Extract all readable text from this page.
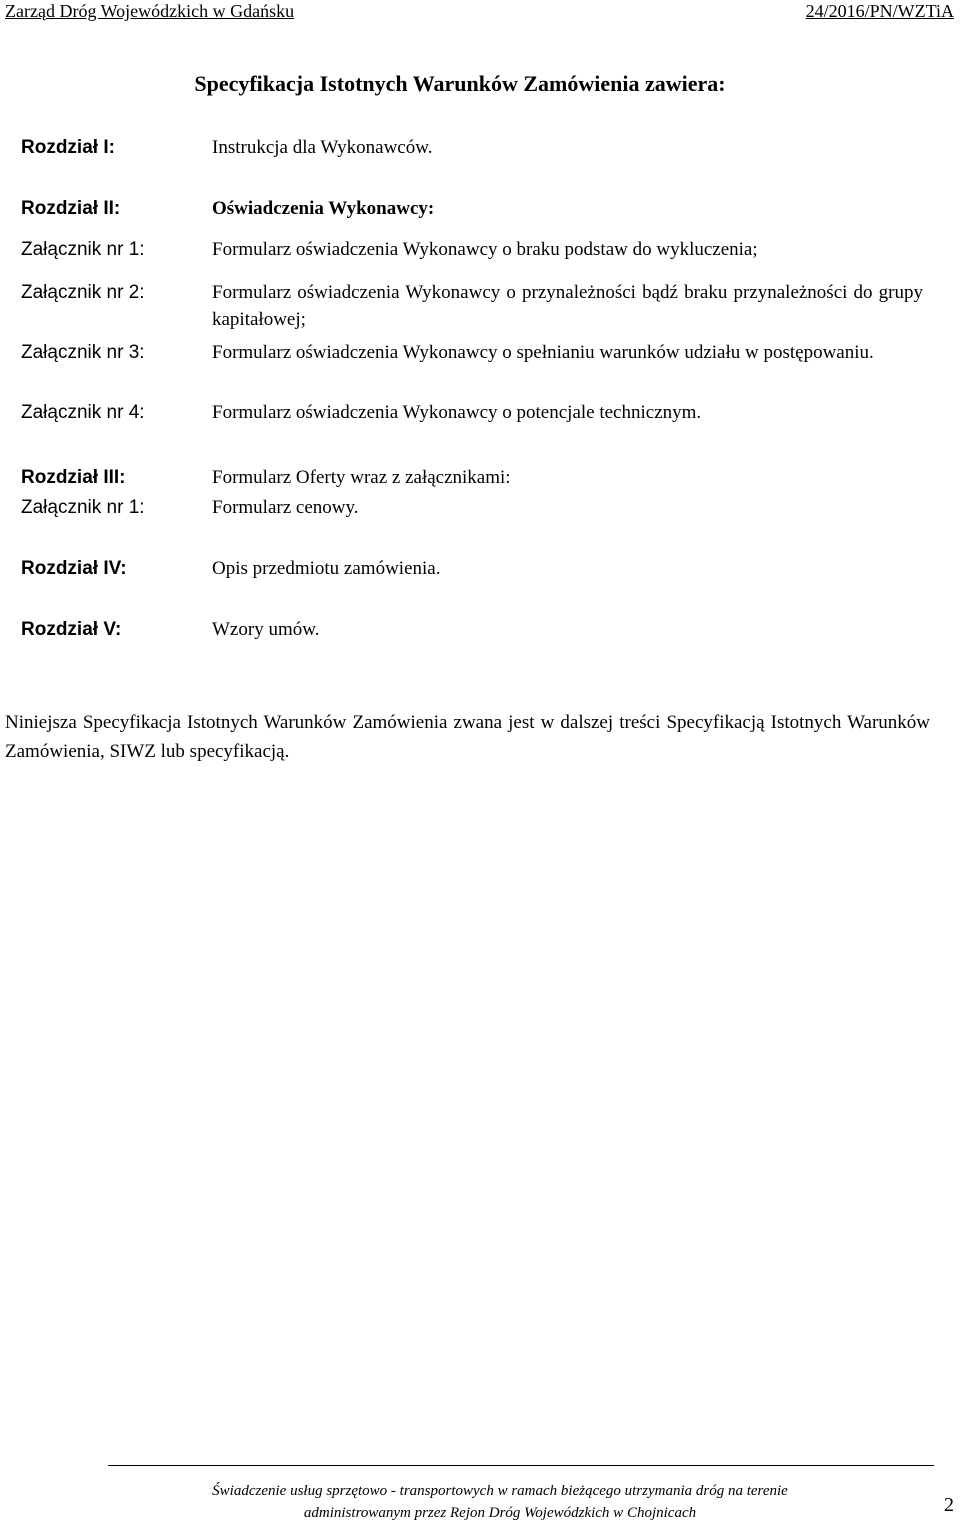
Zarząd Dróg Wojewódzkich w Gdańsku	24/2016/PN/WZTiA
Specyfikacja Istotnych Warunków Zamówienia zawiera:
Rozdział I:	Instrukcja dla Wykonawców.
Rozdział II:	Oświadczenia Wykonawcy:
Załącznik nr 1:	Formularz oświadczenia Wykonawcy o braku podstaw do wykluczenia;
Załącznik nr 2:	Formularz oświadczenia Wykonawcy o przynależności bądź braku przynależności do grupy kapitałowej;
Załącznik nr 3:	Formularz oświadczenia Wykonawcy o spełnianiu warunków udziału w postępowaniu.
Załącznik nr 4:	Formularz oświadczenia Wykonawcy o potencjale technicznym.
Rozdział III:	Formularz Oferty wraz z załącznikami:
Załącznik nr 1:	Formularz cenowy.
Rozdział IV:	Opis przedmiotu zamówienia.
Rozdział V:	Wzory umów.
Niniejsza Specyfikacja Istotnych Warunków Zamówienia zwana jest w dalszej treści Specyfikacją Istotnych Warunków Zamówienia, SIWZ lub specyfikacją.
Świadczenie usług sprzętowo - transportowych w ramach bieżącego utrzymania dróg na terenie
administrowanym przez Rejon Dróg Wojewódzkich w Chojnicach	2
